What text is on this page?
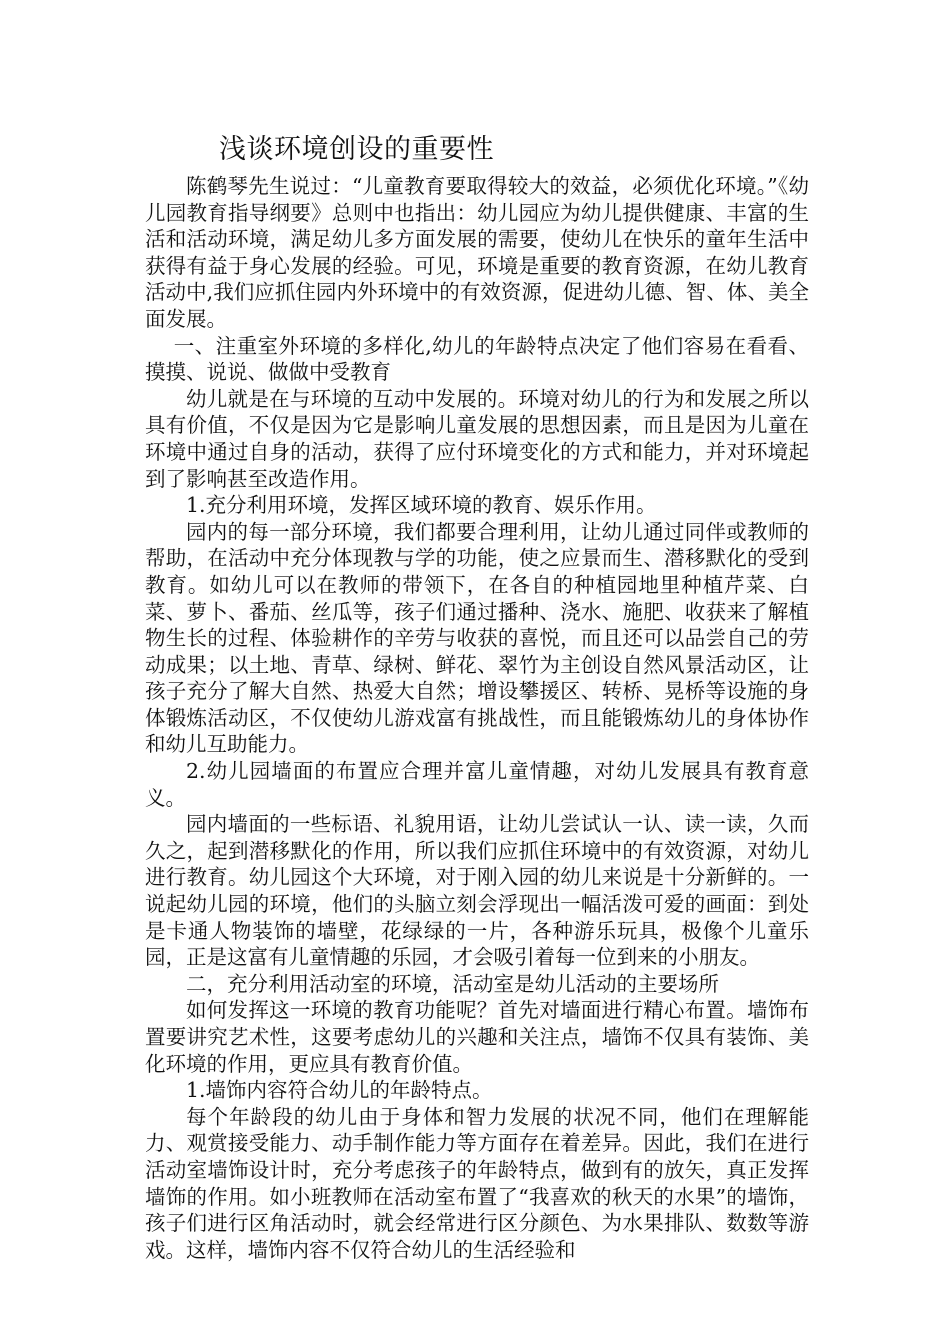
浅谈环境创设的重要性

陈鹤琴先生说过：“儿童教育要取得较大的效益，必须优化环境。”《幼儿园教育指导纲要》总则中也指出：幼儿园应为幼儿提供健康、丰富的生活和活动环境，满足幼儿多方面发展的需要，使幼儿在快乐的童年生活中获得有益于身心发展的经验。可见，环境是重要的教育资源，在幼儿教育活动中,我们应抓住园内外环境中的有效资源，促进幼儿德、智、体、美全面发展。

一、注重室外环境的多样化,幼儿的年龄特点决定了他们容易在看看、摸摸、说说、做做中受教育

幼儿就是在与环境的互动中发展的。环境对幼儿的行为和发展之所以具有价值，不仅是因为它是影响儿童发展的思想因素，而且是因为儿童在环境中通过自身的活动，获得了应付环境变化的方式和能力，并对环境起到了影响甚至改造作用。

1.充分利用环境，发挥区域环境的教育、娱乐作用。

园内的每一部分环境，我们都要合理利用，让幼儿通过同伴或教师的帮助，在活动中充分体现教与学的功能，使之应景而生、潜移默化的受到教育。如幼儿可以在教师的带领下，在各自的种植园地里种植芹菜、白菜、萝卜、番茄、丝瓜等，孩子们通过播种、浇水、施肥、收获来了解植物生长的过程、体验耕作的辛劳与收获的喜悦，而且还可以品尝自己的劳动成果；以土地、青草、绿树、鲜花、翠竹为主创设自然风景活动区，让孩子充分了解大自然、热爱大自然；增设攀援区、转桥、晃桥等设施的身体锻炼活动区，不仅使幼儿游戏富有挑战性，而且能锻炼幼儿的身体协作和幼儿互助能力。

2.幼儿园墙面的布置应合理并富儿童情趣，对幼儿发展具有教育意义。

园内墙面的一些标语、礼貌用语，让幼儿尝试认一认、读一读，久而久之，起到潜移默化的作用，所以我们应抓住环境中的有效资源，对幼儿进行教育。幼儿园这个大环境，对于刚入园的幼儿来说是十分新鲜的。一说起幼儿园的环境，他们的头脑立刻会浮现出一幅活泼可爱的画面：到处是卡通人物装饰的墙壁，花绿绿的一片，各种游乐玩具，极像个儿童乐园，正是这富有儿童情趣的乐园，才会吸引着每一位到来的小朋友。

二，充分利用活动室的环境，活动室是幼儿活动的主要场所

如何发挥这一环境的教育功能呢？首先对墙面进行精心布置。墙饰布置要讲究艺术性，这要考虑幼儿的兴趣和关注点，墙饰不仅具有装饰、美化环境的作用，更应具有教育价值。

1.墙饰内容符合幼儿的年龄特点。

每个年龄段的幼儿由于身体和智力发展的状况不同，他们在理解能力、观赏接受能力、动手制作能力等方面存在着差异。因此，我们在进行活动室墙饰设计时，充分考虑孩子的年龄特点，做到有的放矢，真正发挥墙饰的作用。如小班教师在活动室布置了“我喜欢的秋天的水果”的墙饰，孩子们进行区角活动时，就会经常进行区分颜色、为水果排队、数数等游戏。这样，墙饰内容不仅符合幼儿的生活经验和
